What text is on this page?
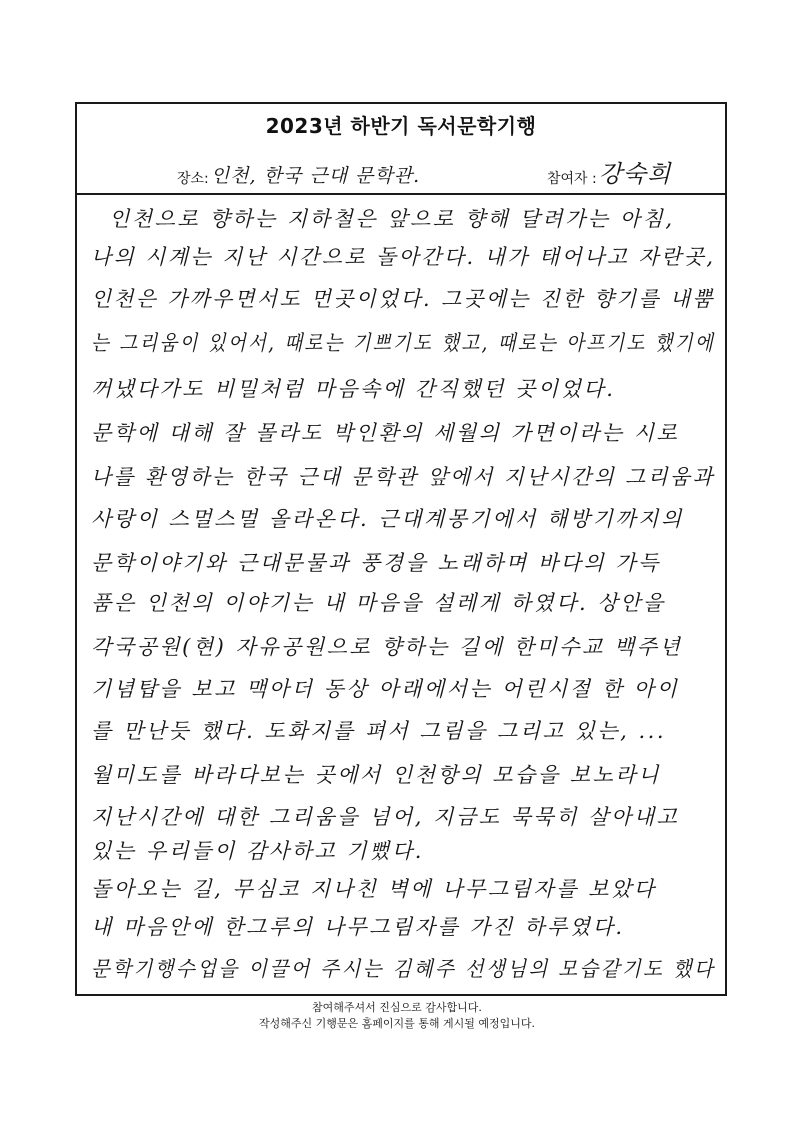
2023년 하반기 독서문학기행
장소: 인천, 한국 근대 문학관.	참여자 : 강숙희
인천으로 향하는 지하철은 앞으로 향해 달려가는 아침,
나의 시계는 지난 시간으로 돌아간다. 내가 태어나고 자란곳,
인천은 가까우면서도 먼곳이었다. 그곳에는 진한 향기를 내뿜
는 그리움이 있어서, 때로는 기쁘기도 했고, 때로는 아프기도 했기에
꺼냈다가도 비밀처럼 마음속에 간직했던 곳이었다.
문학에 대해 잘 몰라도 박인환의 세월의 가면이라는 시로
나를 환영하는 한국 근대 문학관 앞에서 지난시간의 그리움과
사랑이 스멀스멀 올라온다. 근대계몽기에서 해방기까지의
문학이야기와 근대문물과 풍경을 노래하며 바다의 가득
품은 인천의 이야기는 내 마음을 설레게 하였다. 상안을
각국공원(현) 자유공원으로 향하는 길에 한미수교 백주년
기념탑을 보고 맥아더 동상 아래에서는 어린시절 한 아이
를 만난듯 했다. 도화지를 펴서 그림을 그리고 있는, ...
월미도를 바라다보는 곳에서 인천항의 모습을 보노라니
지난시간에 대한 그리움을 넘어, 지금도 묵묵히 살아내고
있는 우리들이 감사하고 기뻤다.
돌아오는 길, 무심코 지나친 벽에 나무그림자를 보았다
내 마음안에 한그루의 나무그림자를 가진 하루였다.
문학기행수업을 이끌어 주시는 김혜주 선생님의 모습같기도 했다
참여해주셔서 진심으로 감사합니다.
작성해주신 기행문은 홈페이지를 통해 게시될 예정입니다.
